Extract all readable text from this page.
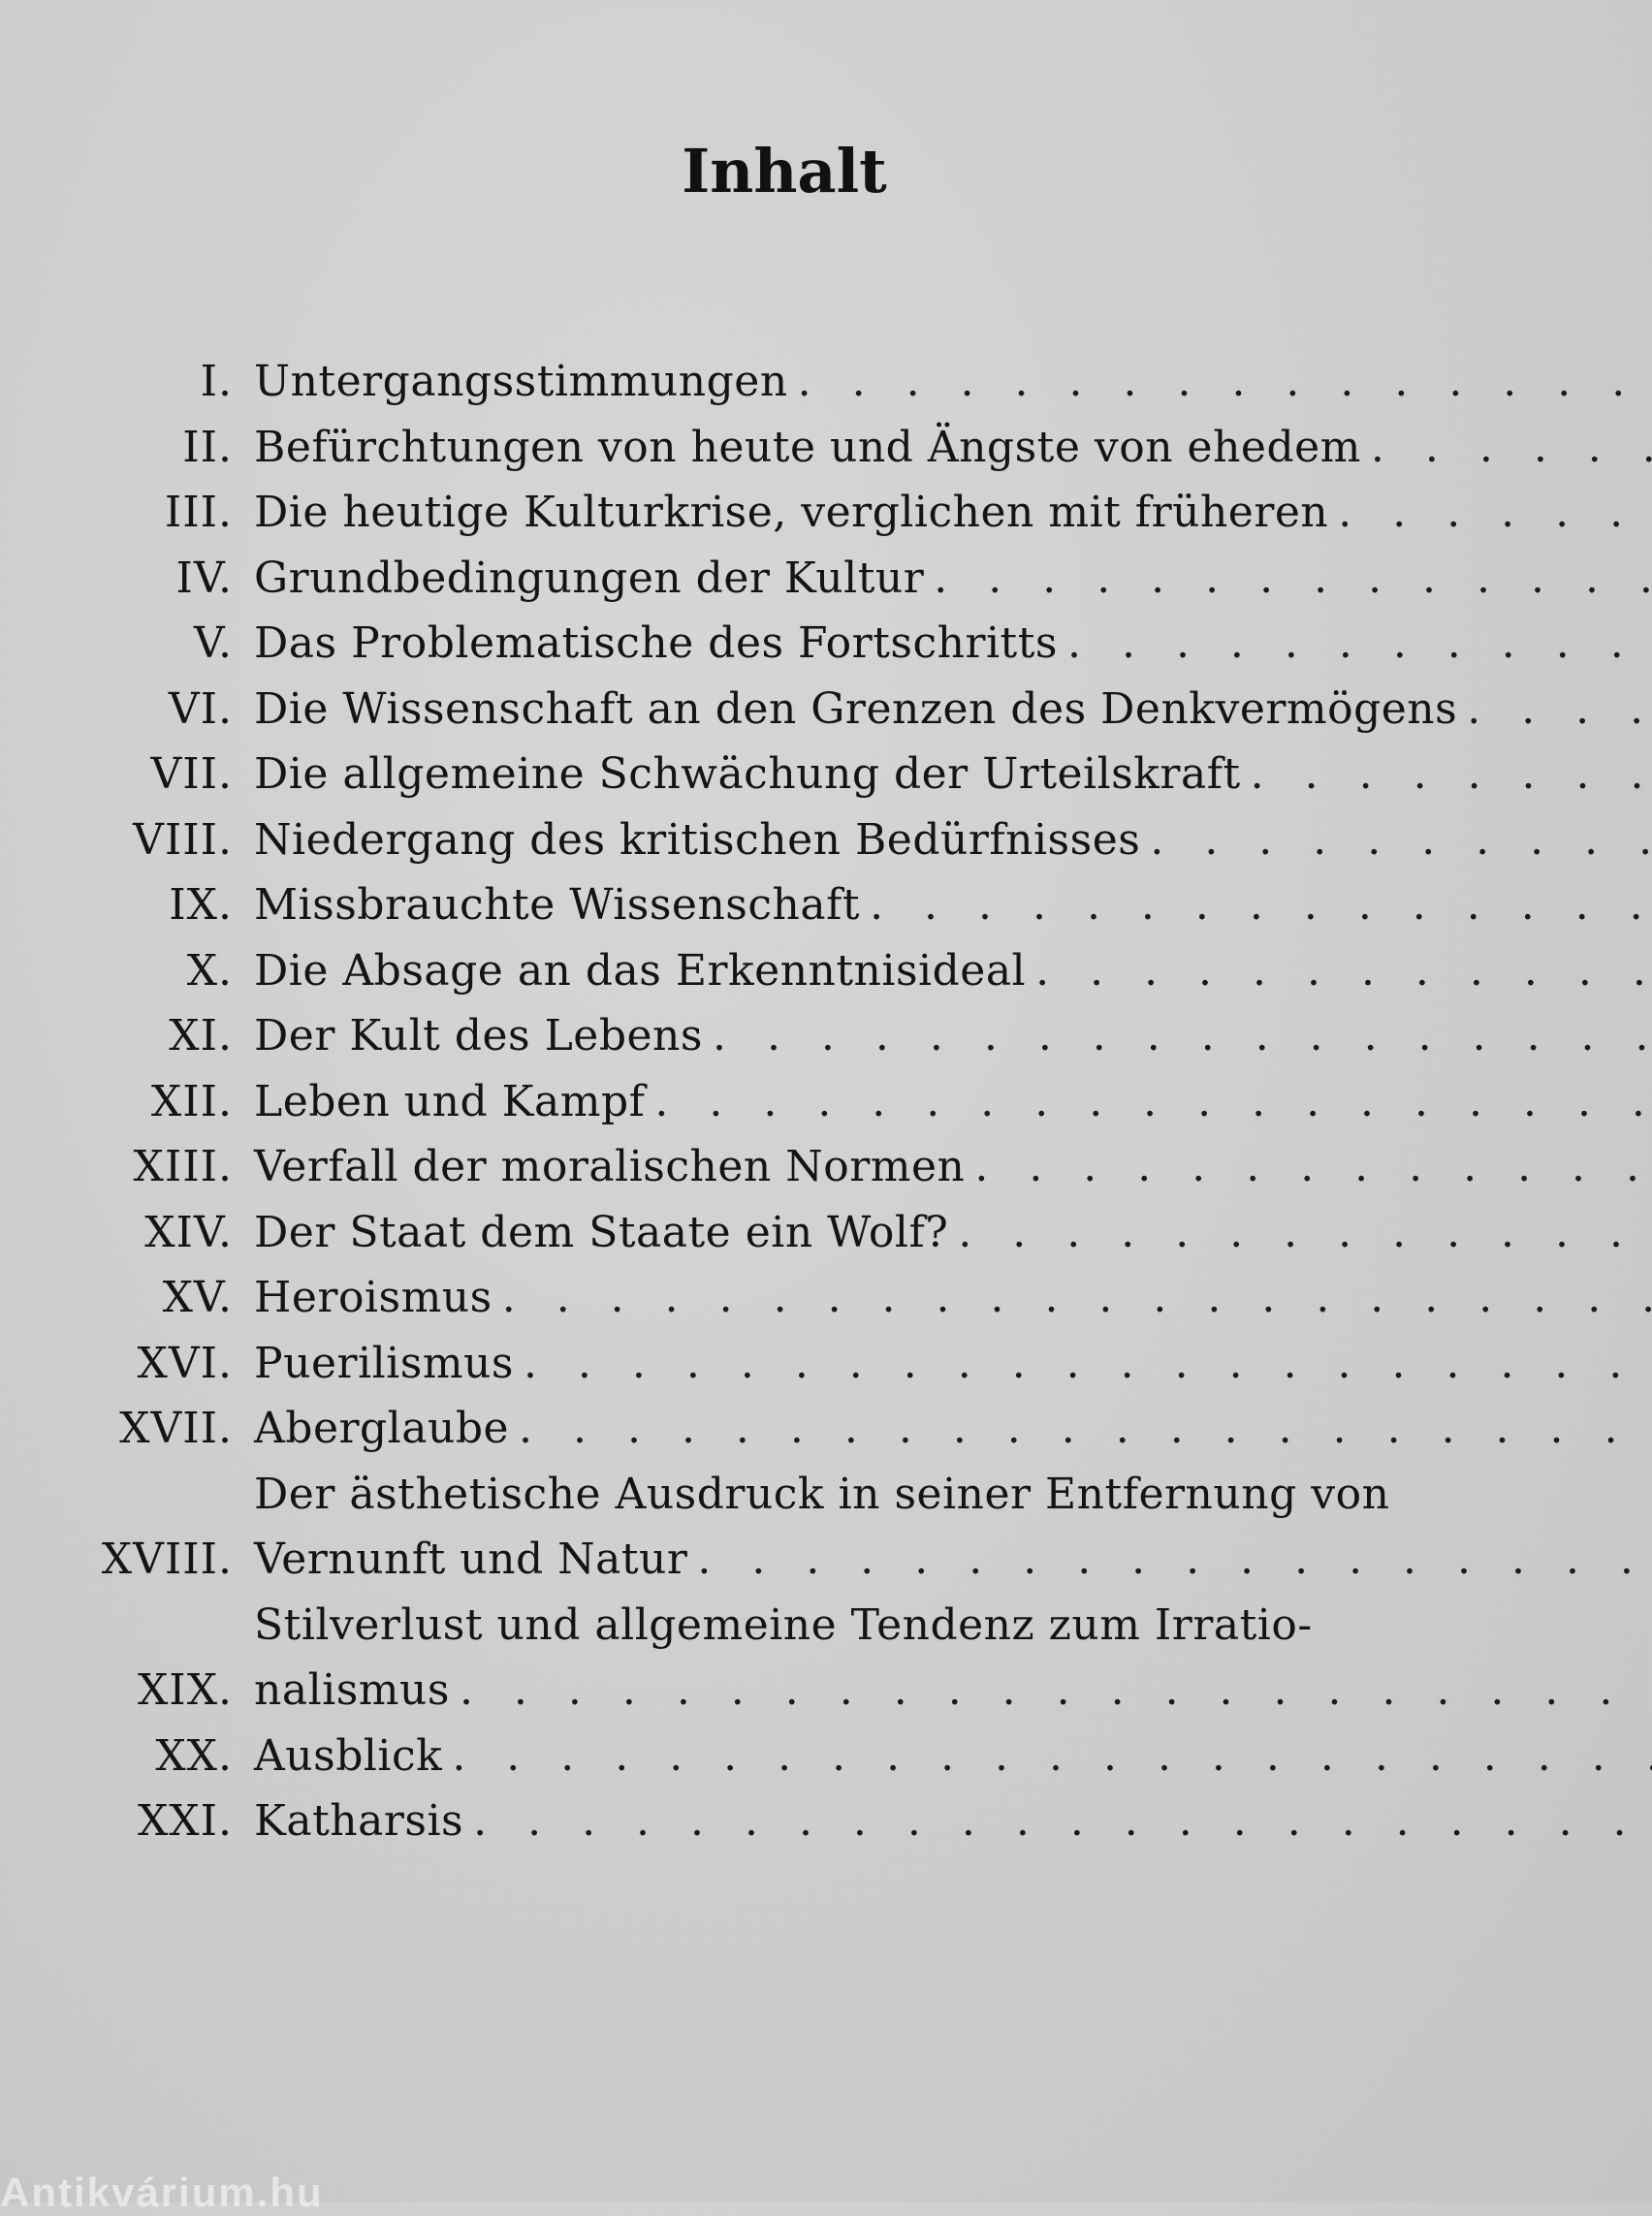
Inhalt
I. Untergangsstimmungen
. . .
II. Befürchtungen von heute und Ängste von ehedem
. . .
III. Die heutige Kulturkrise, verglichen mit früheren
. . .
IV. Grundbedingungen der Kultur
. . .
V. Das Problematische des Fortschritts
. . .
VI. Die Wissenschaft an den Grenzen des Denkvermögens
. . .
VII. Die allgemeine Schwächung der Urteilskraft
. . .
VIII. Niedergang des kritischen Bedürfnisses
. . .
IX. Missbrauchte Wissenschaft
. . .
X. Die Absage an das Erkenntnisideal
. . .
XI. Der Kult des Lebens
. . .
XII. Leben und Kampf
. . .
XIII. Verfall der moralischen Normen
. . .
XIV. Der Staat dem Staate ein Wolf?
. . .
XV. Heroismus
. . .
XVI. Puerilismus
. . .
XVII. Aberglaube
. . .
XVIII.
Der ästhetische Ausdruck in seiner Entfernung von
Vernunft und Natur
. . .
XIX.
Stilverlust und allgemeine Tendenz zum Irratio-
nalismus
. . .
XX. Ausblick
. . .
XXI. Katharsis
. . .
Antikvárium.hu
